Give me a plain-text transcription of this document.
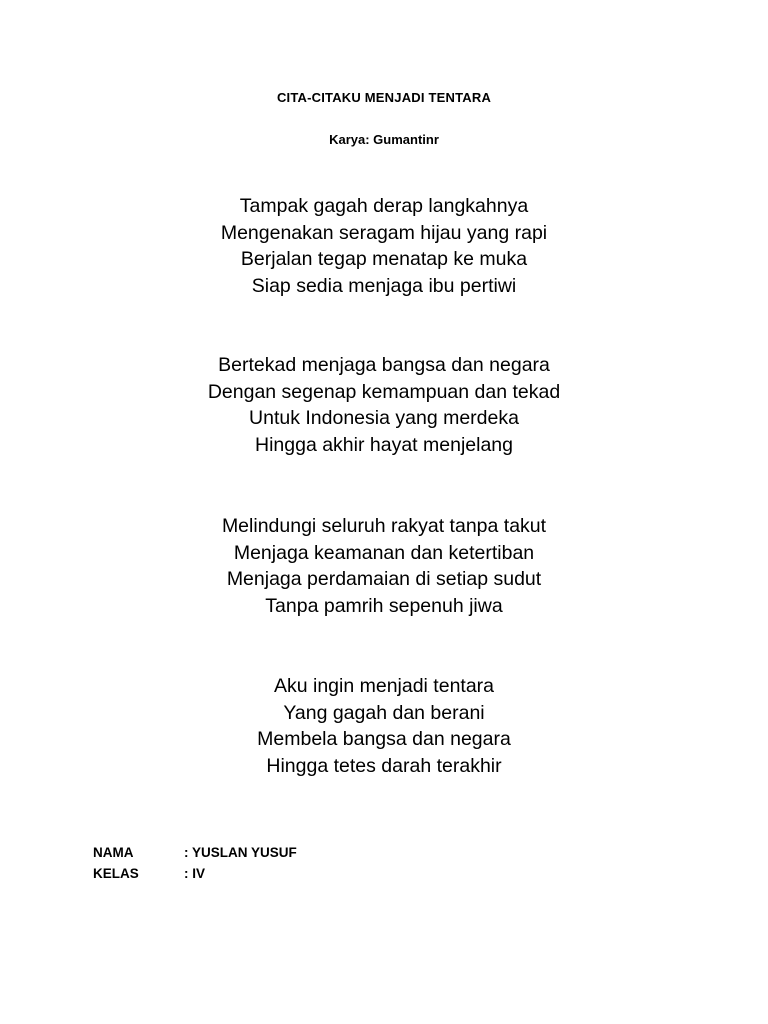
CITA-CITAKU MENJADI TENTARA
Karya: Gumantinr
Tampak gagah derap langkahnya
Mengenakan seragam hijau yang rapi
Berjalan tegap menatap ke muka
Siap sedia menjaga ibu pertiwi
Bertekad menjaga bangsa dan negara
Dengan segenap kemampuan dan tekad
Untuk Indonesia yang merdeka
Hingga akhir hayat menjelang
Melindungi seluruh rakyat tanpa takut
Menjaga keamanan dan ketertiban
Menjaga perdamaian di setiap sudut
Tanpa pamrih sepenuh jiwa
Aku ingin menjadi tentara
Yang gagah dan berani
Membela bangsa dan negara
Hingga tetes darah terakhir
NAMA	: YUSLAN YUSUF
KELAS	: IV
